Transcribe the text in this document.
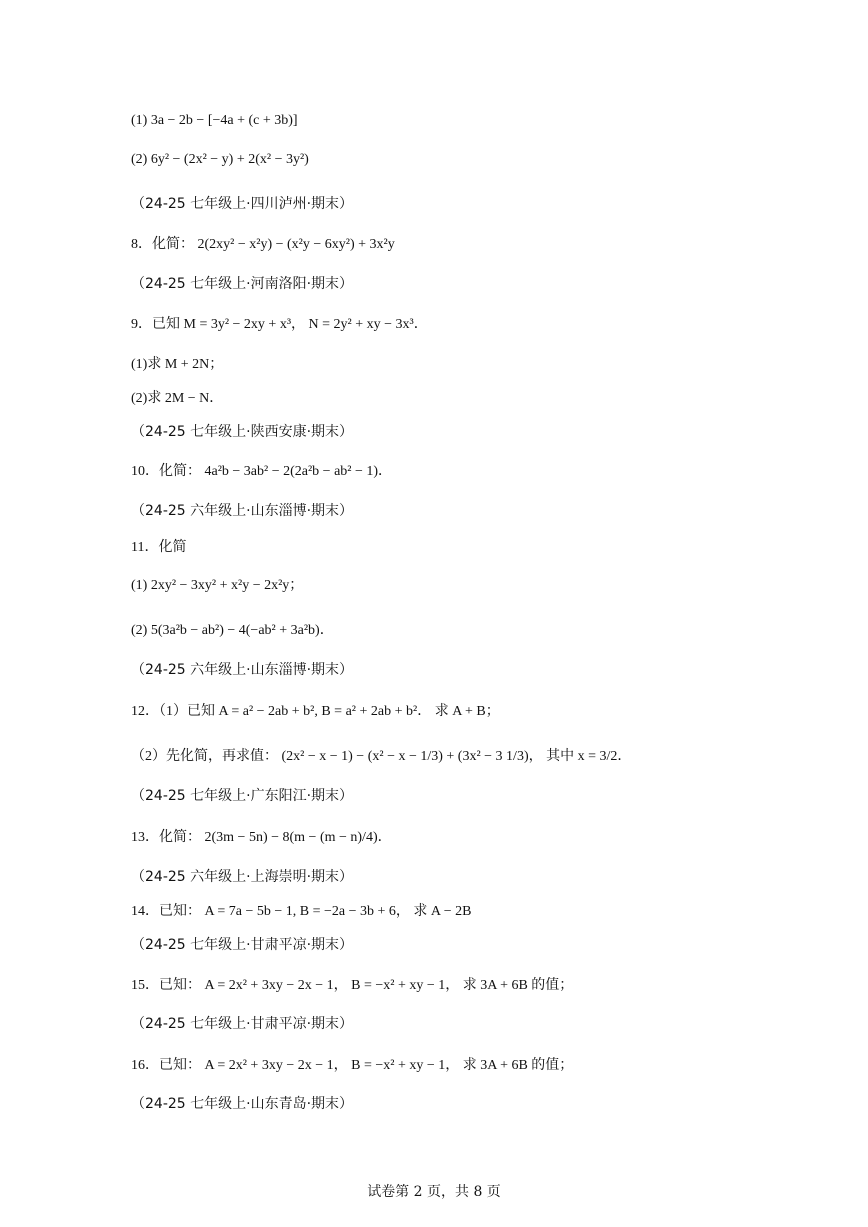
(1) 3a − 2b − [−4a + (c + 3b)]
(2) 6y² − (2x² − y) + 2(x² − 3y²)
（24-25 七年级上·四川泸州·期末）
8．化简： 2(2xy² − x²y) − (x²y − 6xy²) + 3x²y
（24-25 七年级上·河南洛阳·期末）
9．已知 M = 3y² − 2xy + x³， N = 2y² + xy − 3x³．
(1)求 M + 2N；
(2)求 2M − N．
（24-25 七年级上·陕西安康·期末）
10．化简： 4a²b − 3ab² − 2(2a²b − ab² − 1)．
（24-25 六年级上·山东淄博·期末）
11．化简
(1) 2xy² − 3xy² + x²y − 2x²y；
(2) 5(3a²b − ab²) − 4(−ab² + 3a²b)．
（24-25 六年级上·山东淄博·期末）
12．（1）已知 A = a² − 2ab + b², B = a² + 2ab + b²． 求 A + B；
（2）先化简，再求值： (2x² − x − 1) − (x² − x − 1/3) + (3x² − 3 1/3)， 其中 x = 3/2．
（24-25 七年级上·广东阳江·期末）
13．化简： 2(3m − 5n) − 8(m − (m − n)/4)．
（24-25 六年级上·上海崇明·期末）
14．已知： A = 7a − 5b − 1, B = −2a − 3b + 6， 求 A − 2B
（24-25 七年级上·甘肃平凉·期末）
15．已知： A = 2x² + 3xy − 2x − 1， B = −x² + xy − 1， 求 3A + 6B 的值；
（24-25 七年级上·甘肃平凉·期末）
16．已知： A = 2x² + 3xy − 2x − 1， B = −x² + xy − 1， 求 3A + 6B 的值；
（24-25 七年级上·山东青岛·期末）
试卷第 2 页，共 8 页
